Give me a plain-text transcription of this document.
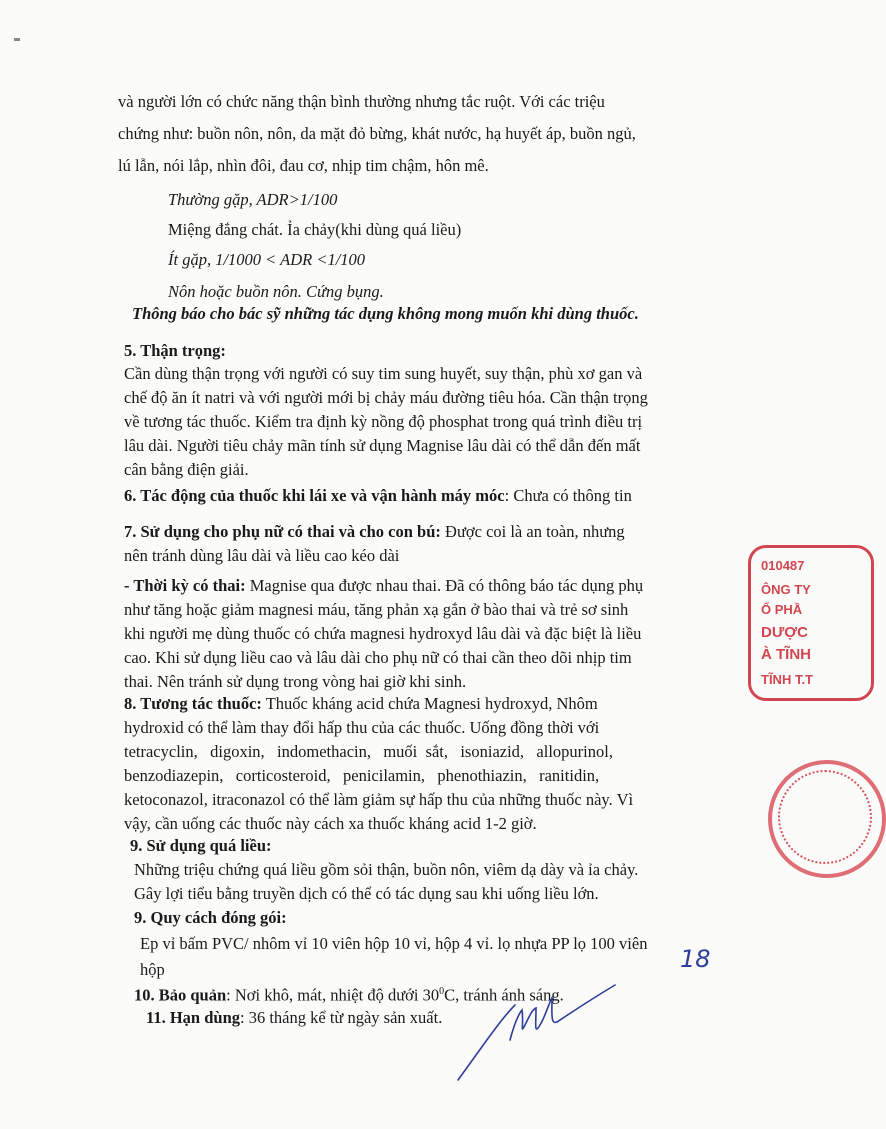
và người lớn có chức năng thận bình thường nhưng tắc ruột. Với các triệu
chứng như: buồn nôn, nôn, da mặt đỏ bừng, khát nước, hạ huyết áp, buồn ngủ,
lú lẫn, nói lắp, nhìn đôi, đau cơ, nhịp tim chậm, hôn mê.
Thường gặp, ADR>1/100
Miệng đắng chát. Ỉa chảy(khi dùng quá liều)
Ít gặp, 1/1000 < ADR <1/100
Nôn hoặc buồn nôn. Cứng bụng.
Thông báo cho bác sỹ những tác dụng không mong muốn khi dùng thuốc.
5. Thận trọng:
Cần dùng thận trọng với người có suy tim sung huyết, suy thận, phù xơ gan và
chế độ ăn ít natri và với người mới bị chảy máu đường tiêu hóa. Cần thận trọng
về tương tác thuốc. Kiểm tra định kỳ nồng độ phosphat trong quá trình điều trị
lâu dài. Người tiêu chảy mãn tính sử dụng Magnise lâu dài có thể dẫn đến mất
cân bằng điện giải.
6. Tác động của thuốc khi lái xe và vận hành máy móc: Chưa có thông tin
7. Sử dụng cho phụ nữ có thai và cho con bú: Được coi là an toàn, nhưng
nên tránh dùng lâu dài và liều cao kéo dài
- Thời kỳ có thai: Magnise qua được nhau thai. Đã có thông báo tác dụng phụ
như tăng hoặc giảm magnesi máu, tăng phản xạ gắn ở bào thai và trẻ sơ sinh
khi người mẹ dùng thuốc có chứa magnesi hydroxyd lâu dài và đặc biệt là liều
cao. Khi sử dụng liều cao và lâu dài cho phụ nữ có thai cần theo dõi nhịp tim
thai. Nên tránh sử dụng trong vòng hai giờ khi sinh.
8. Tương tác thuốc: Thuốc kháng acid chứa Magnesi hydroxyd, Nhôm
hydroxid có thể làm thay đổi hấp thu của các thuốc. Uống đồng thời với
tetracyclin,   digoxin,   indomethacin,   muối  sắt,   isoniazid,   allopurinol,
benzodiazepin,   corticosteroid,   penicilamin,   phenothiazin,   ranitidin,
ketoconazol, itraconazol có thể làm giảm sự hấp thu của những thuốc này. Vì
vậy, cần uống các thuốc này cách xa thuốc kháng acid 1-2 giờ.
9. Sử dụng quá liều:
Những triệu chứng quá liều gồm sỏi thận, buồn nôn, viêm dạ dày và ỉa chảy.
Gây lợi tiểu bằng truyền dịch có thể có tác dụng sau khi uống liều lớn.
9. Quy cách đóng gói:
Ep vỉ bấm PVC/ nhôm vỉ 10 viên hộp 10 vỉ, hộp 4 vỉ. lọ nhựa PP lọ 100 viên
hộp
10. Bảo quản: Nơi khô, mát, nhiệt độ dưới $30^0C$, tránh ánh sáng.
11. Hạn dùng: 36 tháng kể từ ngày sản xuất.
010487
ÔNG TY
Ổ PHẦ
DƯỢC
À TĨNH
TĨNH T.T
18
